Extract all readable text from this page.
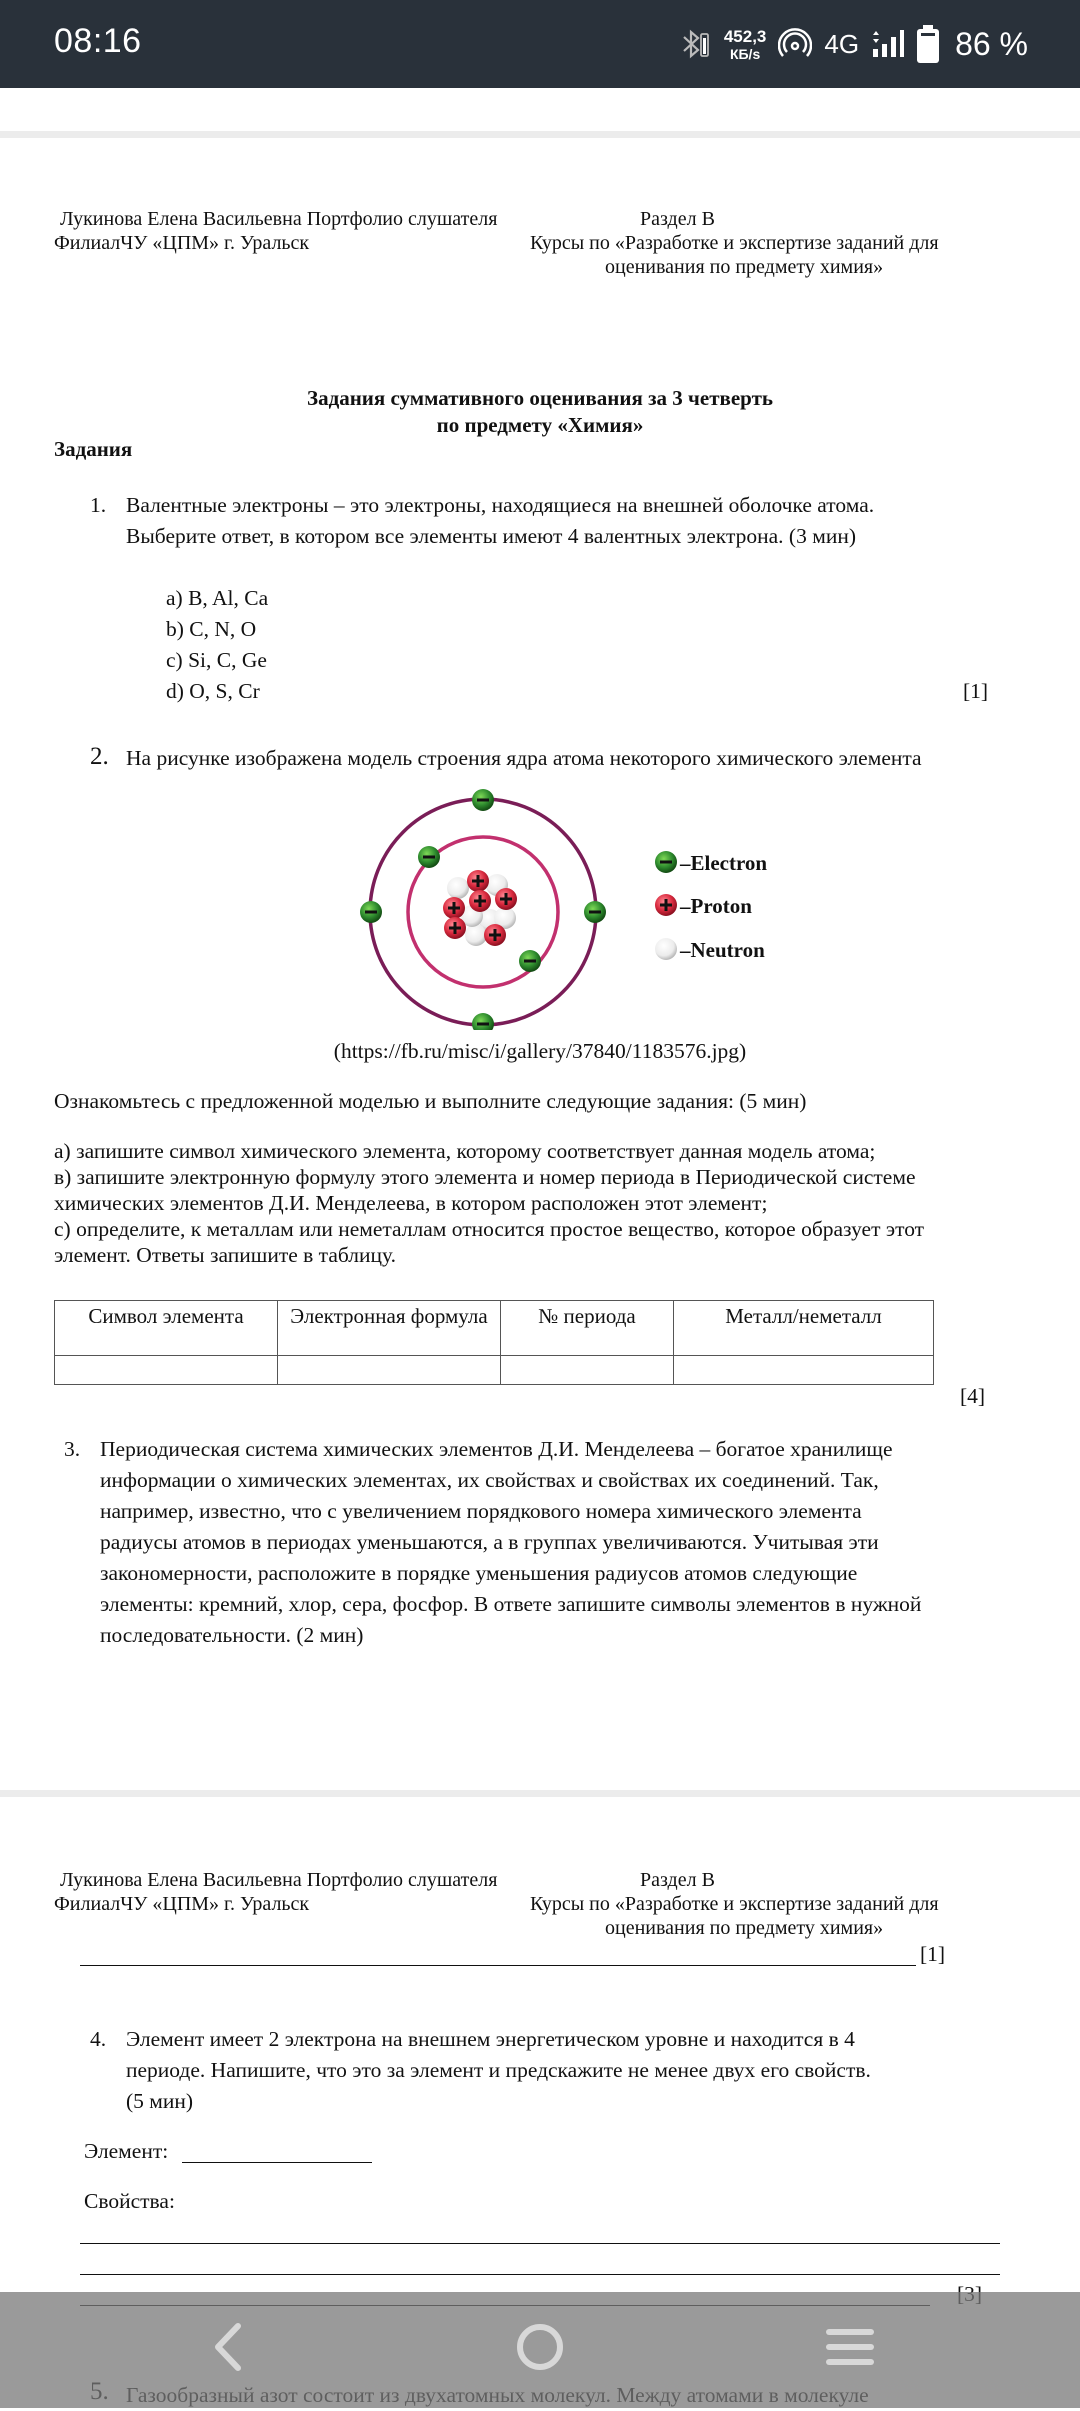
08:16	452,3
КБ/s 4G	86 %
Лукинова Елена Васильевна Портфолио слушателя	Раздел В
ФилиалЧУ «ЦПМ» г. Уральск	Курсы по «Разработке и экспертизе заданий для
оценивания по предмету химия»
Задания суммативного оценивания за 3 четверть
по предмету «Химия»
Задания
1. Валентные электроны – это электроны, находящиеся на внешней оболочке атома.
Выберите ответ, в котором все элементы имеют 4 валентных электрона. (3 мин)
a) B, Al, Ca
b) C, N, O
c) Si, C, Ge
d) O, S, Cr	[1]
2. На рисунке изображена модель строения ядра атома некоторого химического элемента
–Electron
–Proton
–Neutron
(https://fb.ru/misc/i/gallery/37840/1183576.jpg)
Ознакомьтесь с предложенной моделью и выполните следующие задания: (5 мин)
а) запишите символ химического элемента, которому соответствует данная модель атома;
в) запишите электронную формулу этого элемента и номер периода в Периодической системе
химических элементов Д.И. Менделеева, в котором расположен этот элемент;
с) определите, к металлам или неметаллам относится простое вещество, которое образует этот
элемент. Ответы запишите в таблицу.
Символ элемента	Электронная формула	№ периода	Металл/неметалл

[4]
3. Периодическая система химических элементов Д.И. Менделеева – богатое хранилище
информации о химических элементах, их свойствах и свойствах их соединений. Так,
например, известно, что с увеличением порядкового номера химического элемента
радиусы атомов в периодах уменьшаются, а в группах увеличиваются. Учитывая эти
закономерности, расположите в порядке уменьшения радиусов атомов следующие
элементы: кремний, хлор, сера, фосфор. В ответе запишите символы элементов в нужной
последовательности. (2 мин)
Лукинова Елена Васильевна Портфолио слушателя	Раздел В
ФилиалЧУ «ЦПМ» г. Уральск	Курсы по «Разработке и экспертизе заданий для
оценивания по предмету химия»
[1]
4. Элемент имеет 2 электрона на внешнем энергетическом уровне и находится в 4
периоде. Напишите, что это за элемент и предскажите не менее двух его свойств.
(5 мин)
Элемент:
Свойства:
